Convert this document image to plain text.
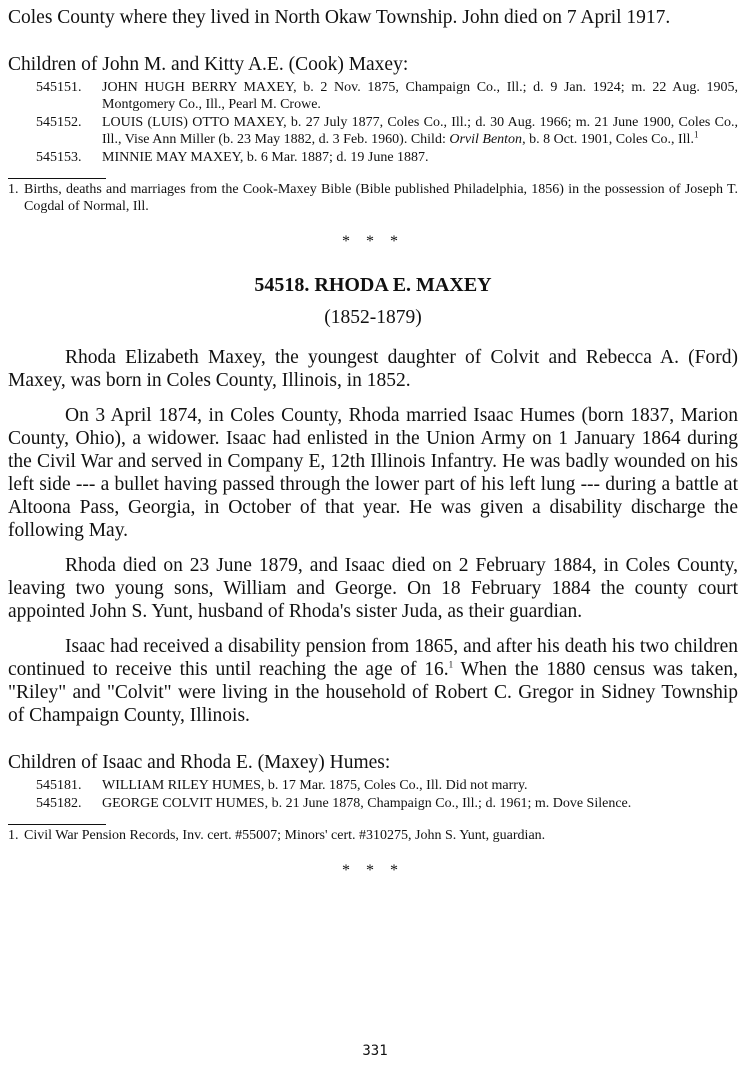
Coles County where they lived in North Okaw Township. John died on 7 April 1917.

Children of John M. and Kitty A.E. (Cook) Maxey:

545151.	JOHN HUGH BERRY MAXEY, b. 2 Nov. 1875, Champaign Co., Ill.; d. 9 Jan. 1924; m. 22 Aug. 1905, Montgomery Co., Ill., Pearl M. Crowe.
545152.	LOUIS (LUIS) OTTO MAXEY, b. 27 July 1877, Coles Co., Ill.; d. 30 Aug. 1966; m. 21 June 1900, Coles Co., Ill., Vise Ann Miller (b. 23 May 1882, d. 3 Feb. 1960). Child: Orvil Benton, b. 8 Oct. 1901, Coles Co., Ill.$^1$
545153.	MINNIE MAY MAXEY, b. 6 Mar. 1887; d. 19 June 1887.
1. Births, deaths and marriages from the Cook-Maxey Bible (Bible published Philadelphia, 1856) in the possession of Joseph T. Cogdal of Normal, Ill.
* * *
54518. RHODA E. MAXEY
(1852-1879)

Rhoda Elizabeth Maxey, the youngest daughter of Colvit and Rebecca A. (Ford) Maxey, was born in Coles County, Illinois, in 1852.

On 3 April 1874, in Coles County, Rhoda married Isaac Humes (born 1837, Marion County, Ohio), a widower. Isaac had enlisted in the Union Army on 1 January 1864 during the Civil War and served in Company E, 12th Illinois Infantry. He was badly wounded on his left side --- a bullet having passed through the lower part of his left lung --- during a battle at Altoona Pass, Georgia, in October of that year. He was given a disability discharge the following May.

Rhoda died on 23 June 1879, and Isaac died on 2 February 1884, in Coles County, leaving two young sons, William and George. On 18 February 1884 the county court appointed John S. Yunt, husband of Rhoda's sister Juda, as their guardian.

Isaac had received a disability pension from 1865, and after his death his two children continued to receive this until reaching the age of 16.$^1$ When the 1880 census was taken, "Riley" and "Colvit" were living in the household of Robert C. Gregor in Sidney Township of Champaign County, Illinois.

Children of Isaac and Rhoda E. (Maxey) Humes:

545181.	WILLIAM RILEY HUMES, b. 17 Mar. 1875, Coles Co., Ill. Did not marry.
545182.	GEORGE COLVIT HUMES, b. 21 June 1878, Champaign Co., Ill.; d. 1961; m. Dove Silence.
1. Civil War Pension Records, Inv. cert. #55007; Minors' cert. #310275, John S. Yunt, guardian.
* * *
331
